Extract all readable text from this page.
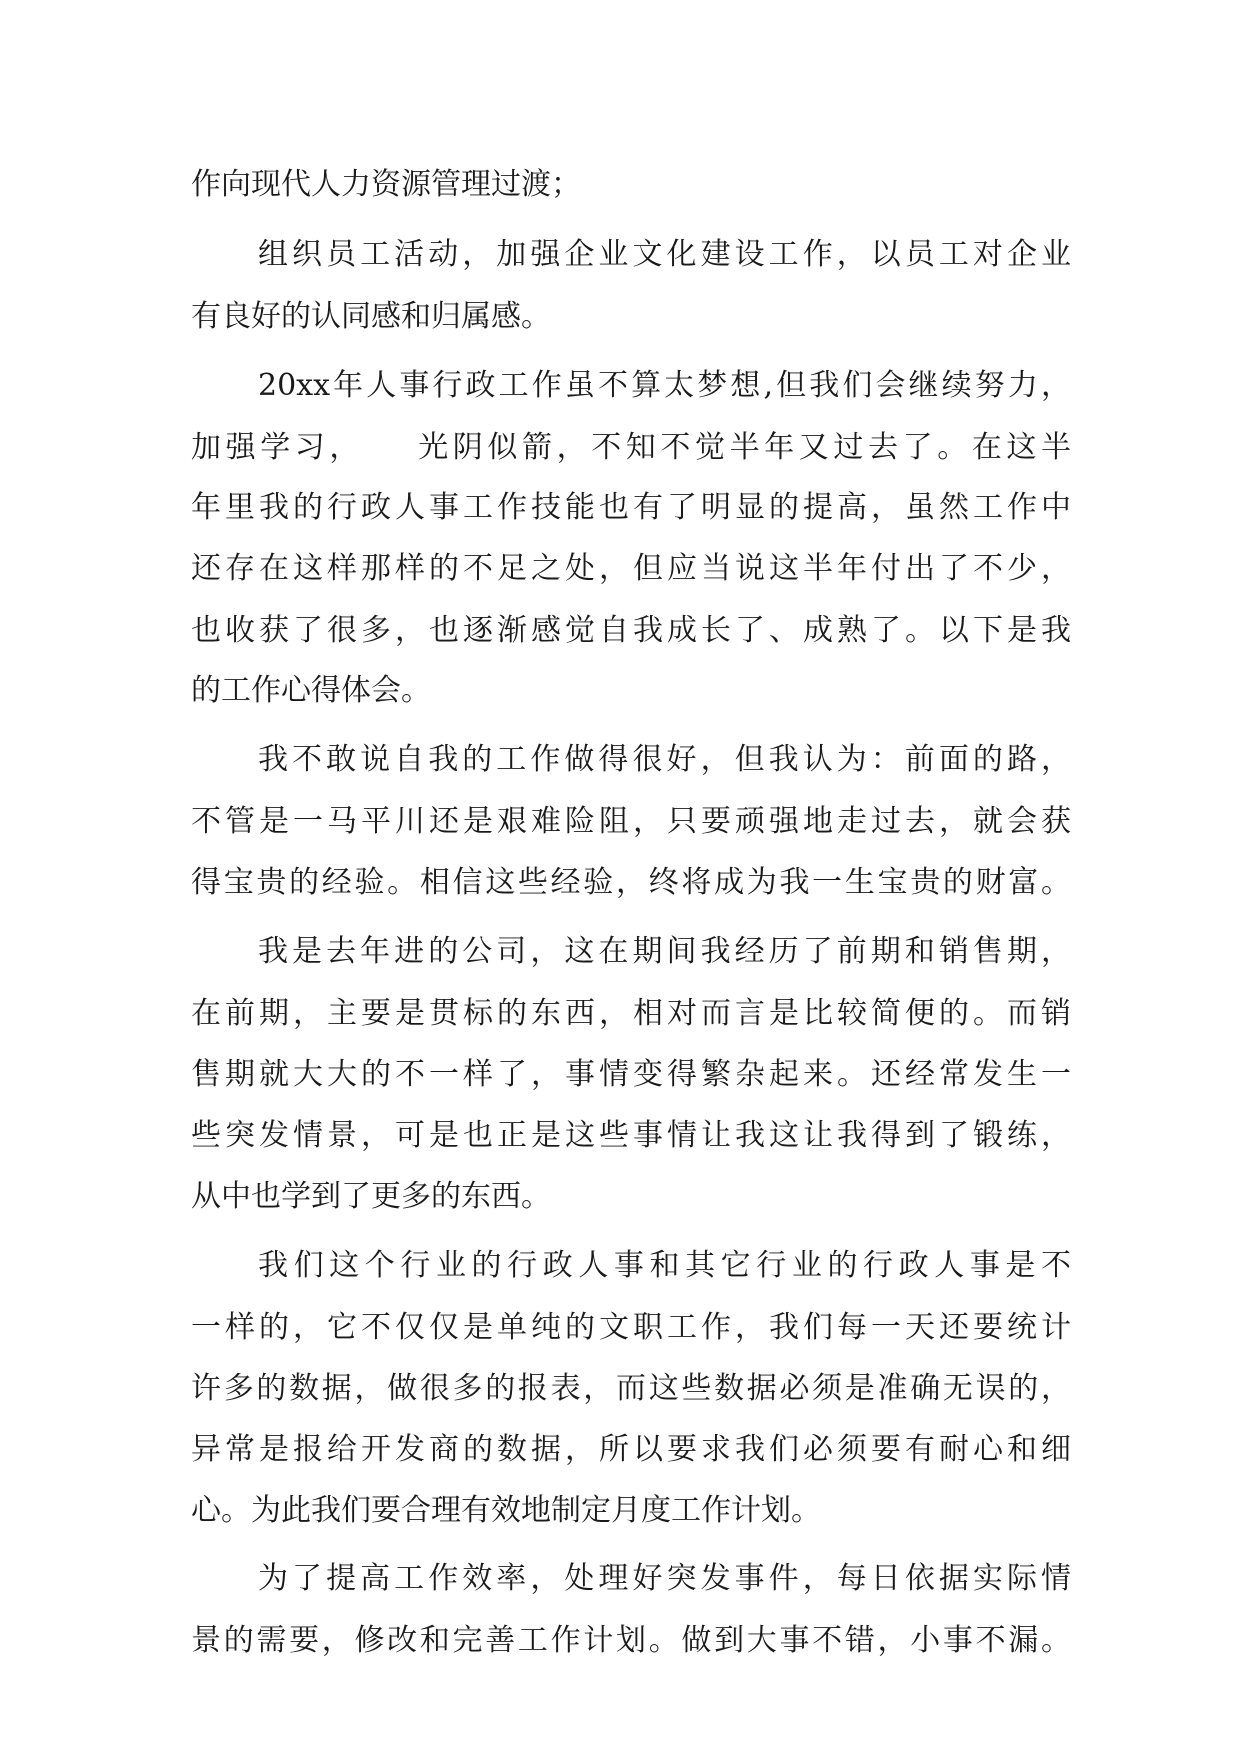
作向现代人力资源管理过渡；

组织员工活动，加强企业文化建设工作，以员工对企业

有良好的认同感和归属感。

20xx年人事行政工作虽不算太梦想,但我们会继续努力，

加强学习，　　光阴似箭，不知不觉半年又过去了。在这半

年里我的行政人事工作技能也有了明显的提高，虽然工作中

还存在这样那样的不足之处，但应当说这半年付出了不少，

也收获了很多，也逐渐感觉自我成长了、成熟了。以下是我

的工作心得体会。

我不敢说自我的工作做得很好，但我认为：前面的路，

不管是一马平川还是艰难险阻，只要顽强地走过去，就会获

得宝贵的经验。相信这些经验，终将成为我一生宝贵的财富。

我是去年进的公司，这在期间我经历了前期和销售期，

在前期，主要是贯标的东西，相对而言是比较简便的。而销

售期就大大的不一样了，事情变得繁杂起来。还经常发生一

些突发情景，可是也正是这些事情让我这让我得到了锻练，

从中也学到了更多的东西。

我们这个行业的行政人事和其它行业的行政人事是不

一样的，它不仅仅是单纯的文职工作，我们每一天还要统计

许多的数据，做很多的报表，而这些数据必须是准确无误的，

异常是报给开发商的数据，所以要求我们必须要有耐心和细

心。为此我们要合理有效地制定月度工作计划。

为了提高工作效率，处理好突发事件，每日依据实际情

景的需要，修改和完善工作计划。做到大事不错，小事不漏。
